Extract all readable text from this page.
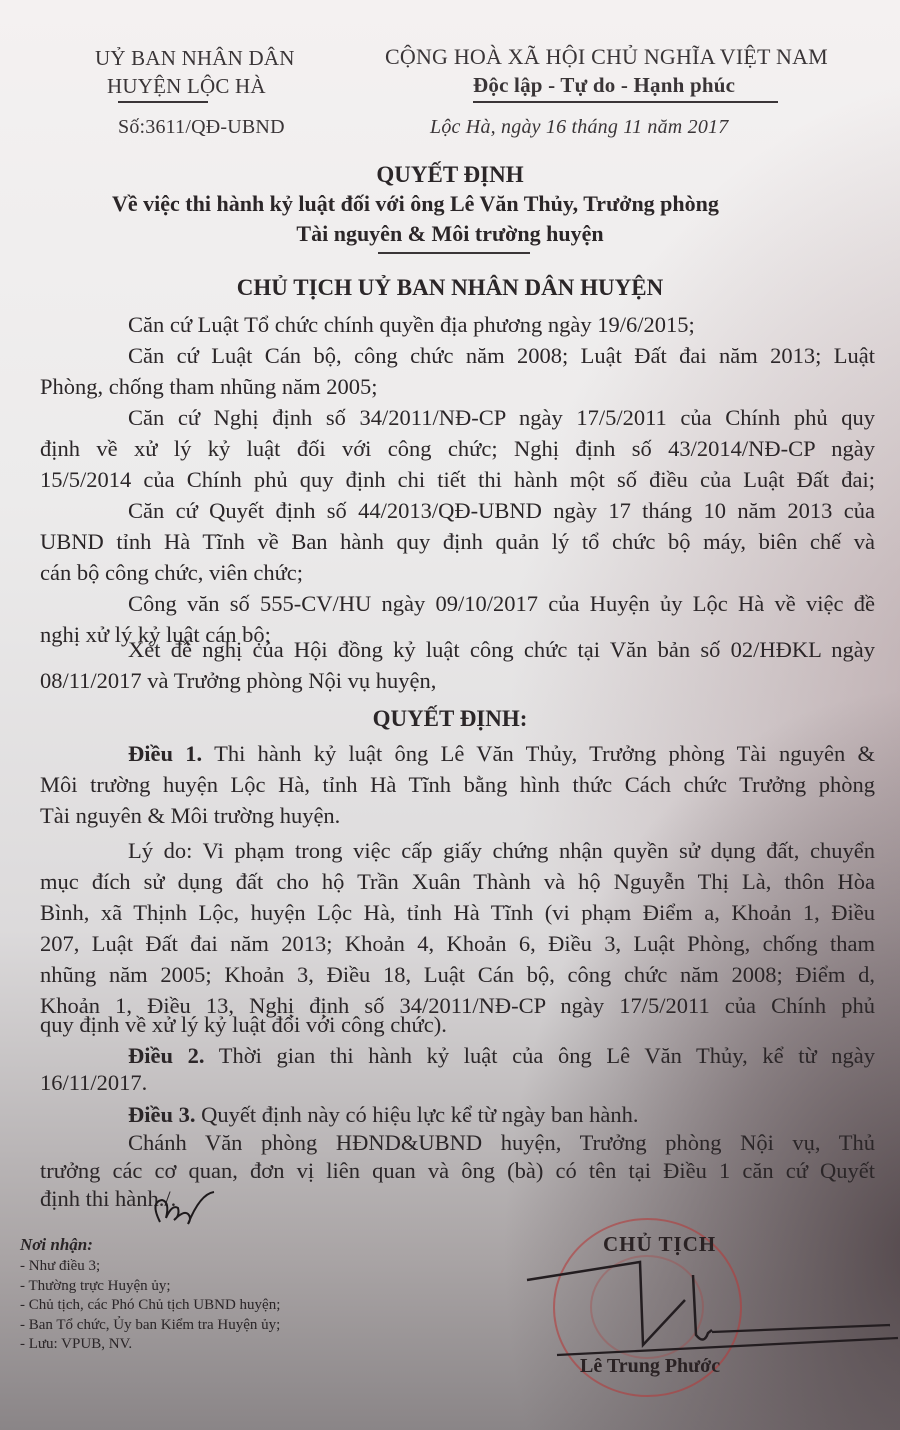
UỶ BAN NHÂN DÂN
HUYỆN LỘC HÀ
Số:3611/QĐ-UBND
CỘNG HOÀ XÃ HỘI CHỦ NGHĨA VIỆT NAM
Độc lập - Tự do - Hạnh phúc
Lộc Hà, ngày 16 tháng 11 năm 2017
QUYẾT ĐỊNH
Về việc thi hành kỷ luật đối với ông Lê Văn Thủy, Trưởng phòng
Tài nguyên & Môi trường huyện
CHỦ TỊCH UỶ BAN NHÂN DÂN HUYỆN
Căn cứ Luật Tổ chức chính quyền địa phương ngày 19/6/2015;
Căn cứ Luật Cán bộ, công chức năm 2008; Luật Đất đai năm 2013; Luật
Phòng, chống tham nhũng năm 2005;
Căn cứ Nghị định số 34/2011/NĐ-CP ngày 17/5/2011 của Chính phủ quy
định về xử lý kỷ luật đối với công chức; Nghị định số 43/2014/NĐ-CP ngày
15/5/2014 của Chính phủ quy định chi tiết thi hành một số điều của Luật Đất đai;
Căn cứ Quyết định số 44/2013/QĐ-UBND ngày 17 tháng 10 năm 2013 của
UBND tỉnh Hà Tĩnh về Ban hành quy định quản lý tổ chức bộ máy, biên chế và
cán bộ công chức, viên chức;
Công văn số 555-CV/HU ngày 09/10/2017 của Huyện ủy Lộc Hà về việc đề
nghị xử lý kỷ luật cán bộ;
Xét đề nghị của Hội đồng kỷ luật công chức tại Văn bản số 02/HĐKL ngày
08/11/2017 và Trưởng phòng Nội vụ huyện,
QUYẾT ĐỊNH:
Điều 1. Thi hành kỷ luật ông Lê Văn Thủy, Trưởng phòng Tài nguyên &
Môi trường huyện Lộc Hà, tỉnh Hà Tĩnh bằng hình thức Cách chức Trưởng phòng
Tài nguyên & Môi trường huyện.
Lý do: Vi phạm trong việc cấp giấy chứng nhận quyền sử dụng đất, chuyển
mục đích sử dụng đất cho hộ Trần Xuân Thành và hộ Nguyễn Thị Là, thôn Hòa
Bình, xã Thịnh Lộc, huyện Lộc Hà, tỉnh Hà Tĩnh (vi phạm Điểm a, Khoản 1, Điều
207, Luật Đất đai năm 2013; Khoản 4, Khoản 6, Điều 3, Luật Phòng, chống tham
nhũng năm 2005; Khoản 3, Điều 18, Luật Cán bộ, công chức năm 2008; Điểm d,
Khoản 1, Điều 13, Nghị định số 34/2011/NĐ-CP ngày 17/5/2011 của Chính phủ
quy định về xử lý kỷ luật đối với công chức).
Điều 2. Thời gian thi hành kỷ luật của ông Lê Văn Thủy, kể từ ngày
16/11/2017.
Điều 3. Quyết định này có hiệu lực kể từ ngày ban hành.
Chánh Văn phòng HĐND&UBND huyện, Trưởng phòng Nội vụ, Thủ
trưởng các cơ quan, đơn vị liên quan và ông (bà) có tên tại Điều 1 căn cứ Quyết
định thi hành./.
Nơi nhận:
- Như điều 3;
- Thường trực Huyện ủy;
- Chủ tịch, các Phó Chủ tịch UBND huyện;
- Ban Tổ chức, Ủy ban Kiểm tra Huyện ủy;
- Lưu: VPUB, NV.
CHỦ TỊCH
Lê Trung Phước
